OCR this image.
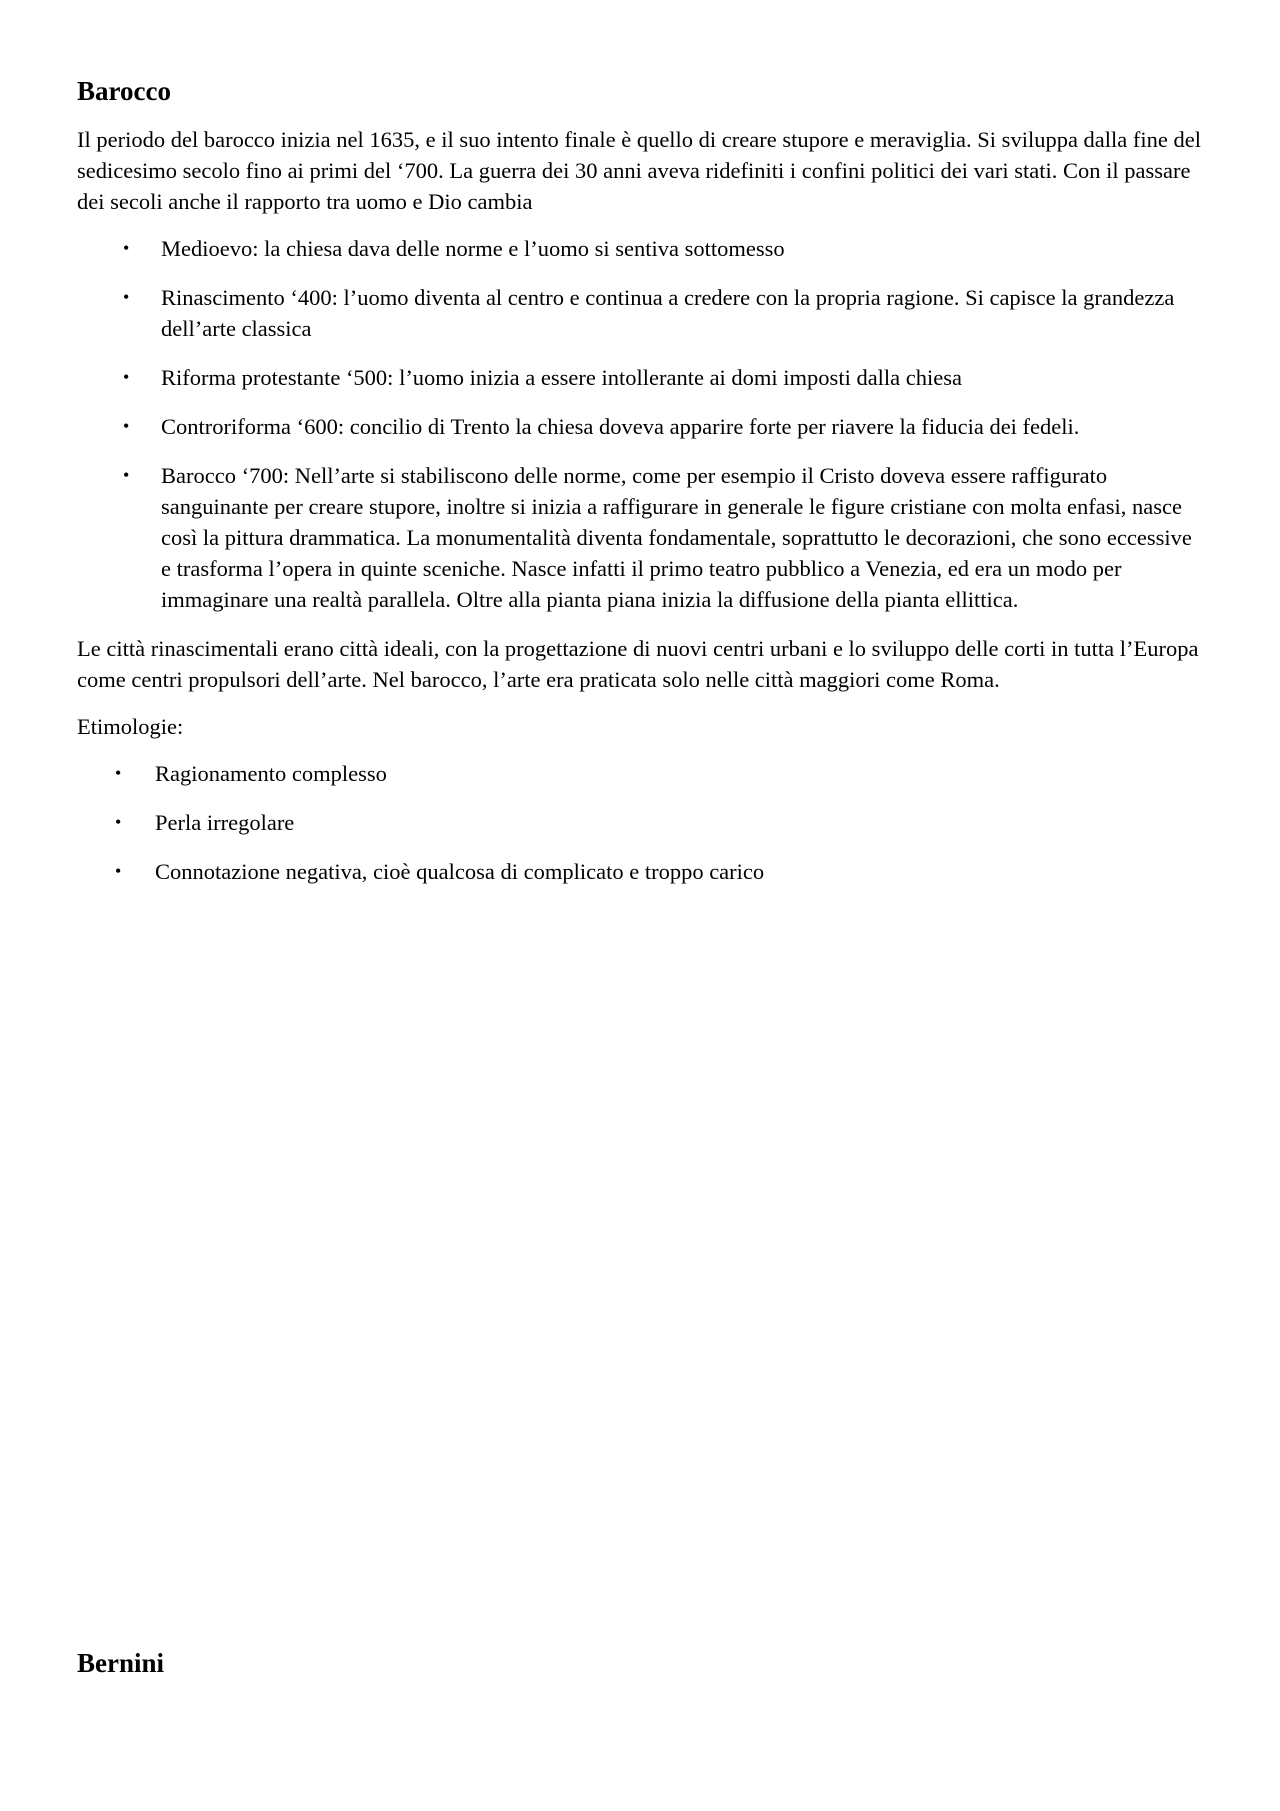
Barocco

Il periodo del barocco inizia nel 1635, e il suo intento finale è quello di creare stupore e meraviglia. Si sviluppa dalla fine del sedicesimo secolo fino ai primi del ‘700. La guerra dei 30 anni aveva ridefiniti i confini politici dei vari stati. Con il passare dei secoli anche il rapporto tra uomo e Dio cambia

• Medioevo: la chiesa dava delle norme e l’uomo si sentiva sottomesso
• Rinascimento ‘400: l’uomo diventa al centro e continua a credere con la propria ragione. Si capisce la grandezza dell’arte classica
• Riforma protestante ‘500: l’uomo inizia a essere intollerante ai domi imposti dalla chiesa
• Controriforma ‘600: concilio di Trento la chiesa doveva apparire forte per riavere la fiducia dei fedeli.
• Barocco ‘700: Nell’arte si stabiliscono delle norme, come per esempio il Cristo doveva essere raffigurato sanguinante per creare stupore, inoltre si inizia a raffigurare in generale le figure cristiane con molta enfasi, nasce così la pittura drammatica. La monumentalità diventa fondamentale, soprattutto le decorazioni, che sono eccessive e trasforma l’opera in quinte sceniche. Nasce infatti il primo teatro pubblico a Venezia, ed era un modo per immaginare una realtà parallela. Oltre alla pianta piana inizia la diffusione della pianta ellittica.

Le città rinascimentali erano città ideali, con la progettazione di nuovi centri urbani e lo sviluppo delle corti in tutta l’Europa come centri propulsori dell’arte. Nel barocco, l’arte era praticata solo nelle città maggiori come Roma.

Etimologie:

• Ragionamento complesso
• Perla irregolare
• Connotazione negativa, cioè qualcosa di complicato e troppo carico
Bernini
